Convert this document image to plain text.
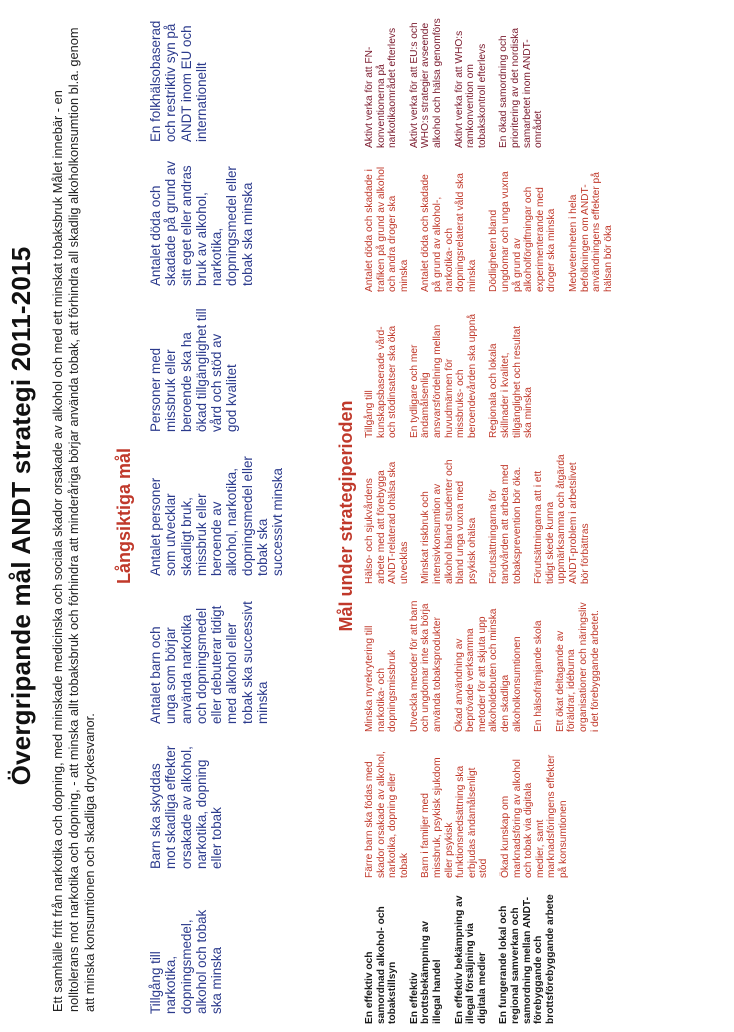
Övergripande mål ANDT strategi 2011-2015 Ett samhälle fritt från narkotika och dopning, med minskade medicinska och sociala skador orsakade av alkohol och med ett minskat tobaksbruk Målet innebär - en nolltolerans mot narkotika och dopning, - att minska allt tobaksbruk och förhindra att minderåriga börjar använda tobak, att förhindra all skadlig alkoholkonsumtion bl.a. genom att minska konsumtionen och skadliga dryckesvanor.
Långsiktiga mål
Tillgång till narkotika, dopningsmedel, alkohol och tobak ska minska
Barn ska skyddas mot skadliga effekter orsakade av alkohol, narkotika, dopning eller tobak
Antalet barn och unga som börjar använda narkotika och dopningsmedel eller debuterar tidigt med alkohol eller tobak ska successivt minska
Antalet personer som utvecklar skadligt bruk, missbruk eller beroende av alkohol, narkotika, dopningsmedel eller tobak ska successivt minska
Personer med missbruk eller beroende ska ha ökad tillgänglighet till vård och stöd av god kvalitet
Antalet döda och skadade på grund av sitt eget eller andras bruk av alkohol, narkotika, dopningsmedel eller tobak ska minska
En folkhälsobaserad och restriktiv syn på ANDT inom EU och internationellt
Mål under strategiperioden
En effektiv och samordnad alkohol- och tobakstillsyn En effektiv brottsbekämpning av illegal handel En effektiv bekämpning av illegal försäljning via digitala medier En fungerande lokal och regional samverkan och samordning mellan ANDT-förebyggande och brottsförebyggande arbete
Färre barn ska födas med skador orsakade av alkohol, narkotika, dopning eller tobak Barn i familjer med missbruk, psykisk sjukdom eller psykisk funktionsnedsättning ska erbjudas ändamålsenligt stöd Ökad kunskap om marknadsföring av alkohol och tobak via digitala medier, samt marknadsföringens effekter på konsumtionen
Minska nyrekrytering till narkotika- och dopningsmissbruk Utveckla metoder för att barn och ungdomar inte ska börja använda tobaksprodukter Ökad användning av beprövade verksamma metoder för att skjuta upp alkoholdebuten och minska den skadliga alkoholkonsumtionen En hälsofrämjande skola Ett ökat deltagande av föräldrar, idéburna organisationer och näringsliv i det förebyggande arbetet.
Hälso- och sjukvårdens arbete med att förebygga ANDT-relaterad ohälsa ska utvecklas Minskat riskbruk och intensivkonsumtion av alkohol bland studenter och bland unga vuxna med psykisk ohälsa Förutsättningarna för tandvården att arbeta med tobaksprevention bör öka. Förutsättningarna att i ett tidigt skede kunna uppmärksamma och åtgärda ANDT-problem i arbetslivet bör förbättras
Tillgång till kunskapsbaserade vård- och stödinsatser ska öka En tydligare och mer ändamålsenlig ansvarsfördelning mellan huvudmännen för missbruks- och beroendevården ska uppnå Regionala och lokala skillnader i kvalitet, tillgänglighet och resultat ska minska
Antalet döda och skadade i trafiken på grund av alkohol och andra droger ska minska Antalet döda och skadade på grund av alkohol-, narkotika- och dopningsrelaterat våld ska minska Dödligheten bland ungdomar och unga vuxna på grund av alkoholförgiftningar och experimenterande med droger ska minska Medvetenheten i hela befolkningen om ANDT-användningens effekter på hälsan bör öka
Aktivt verka för att FN-konventionerna på narkotikaområdet efterlevs Aktivt verka för att EU:s och WHO:s strategier avseende alkohol och hälsa genomförs Aktivt verka för att WHO:s ramkonvention om tobakskontroll efterlevs En ökad samordning och prioritering av det nordiska samarbetet inom ANDT-området
